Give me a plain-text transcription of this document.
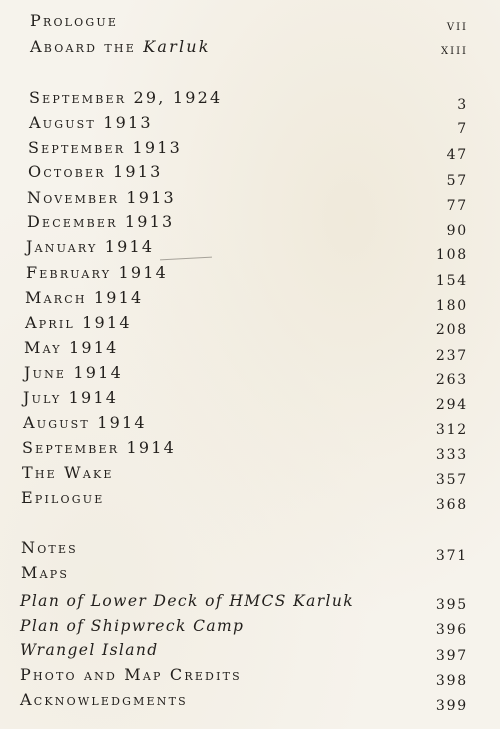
Prologue	vii
Aboard the Karluk	xiii
September 29, 1924	3
August 1913	7
September 1913	47
October 1913	57
November 1913	77
December 1913	90
January 1914	108
February 1914	154
March 1914	180
April 1914	208
May 1914	237
June 1914	263
July 1914	294
August 1914	312
September 1914	333
The Wake	357
Epilogue	368
Notes	371
Maps
Plan of Lower Deck of HMCS Karluk	395
Plan of Shipwreck Camp	396
Wrangel Island	397
Photo and Map Credits	398
Acknowledgments	399
